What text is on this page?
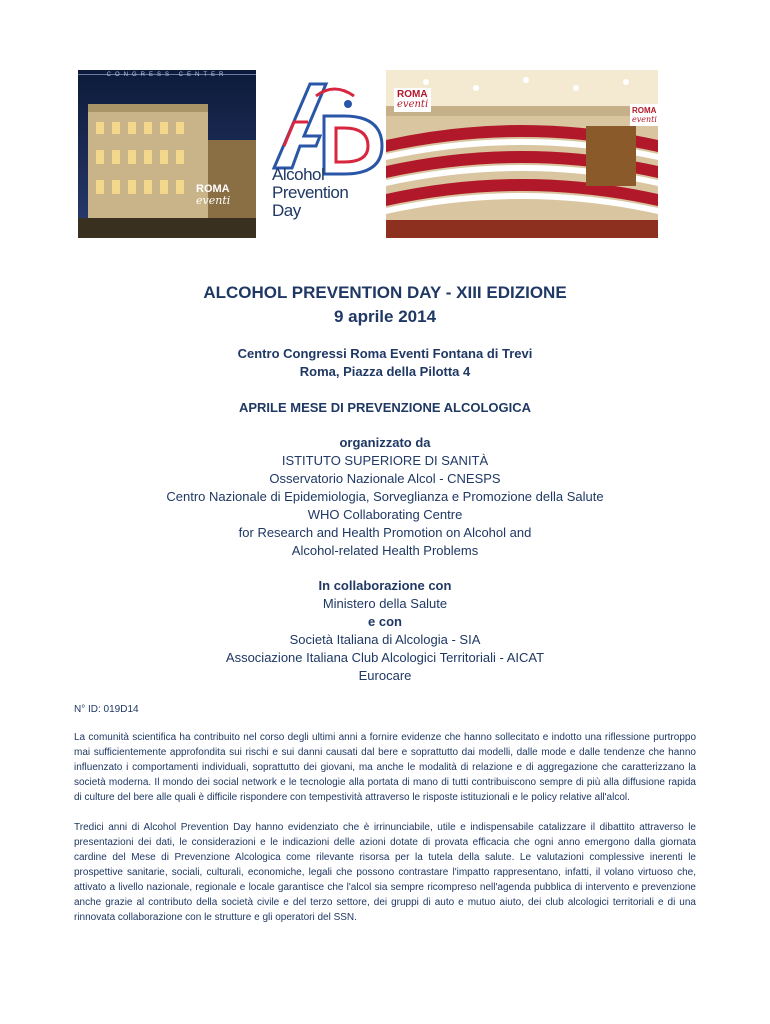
CONGRESS CENTER
ROMA
eventi
Alcohol
Prevention
Day
ROMA
eventi
ROMA
eventi
ALCOHOL PREVENTION DAY - XIII EDIZIONE
9 aprile 2014
Centro Congressi Roma Eventi Fontana di Trevi
Roma, Piazza della Pilotta 4
APRILE MESE DI PREVENZIONE ALCOLOGICA
organizzato da
ISTITUTO SUPERIORE DI SANITÀ
Osservatorio Nazionale Alcol - CNESPS
Centro Nazionale di Epidemiologia, Sorveglianza e Promozione della Salute
WHO Collaborating Centre
for Research and Health Promotion on Alcohol and
Alcohol-related Health Problems
In collaborazione con
Ministero della Salute
e con
Società Italiana di Alcologia - SIA
Associazione Italiana Club Alcologici Territoriali - AICAT
Eurocare
N° ID: 019D14
La comunità scientifica ha contribuito nel corso degli ultimi anni a fornire evidenze che hanno sollecitato e indotto una riflessione purtroppo mai sufficientemente approfondita sui rischi e sui danni causati dal bere e soprattutto dai modelli, dalle mode e dalle tendenze che hanno influenzato i comportamenti individuali, soprattutto dei giovani, ma anche le modalità di relazione e di aggregazione che caratterizzano la società moderna. Il mondo dei social network e le tecnologie alla portata di mano di tutti contribuiscono sempre di più alla diffusione rapida di culture del bere alle quali è difficile rispondere con tempestività attraverso le risposte istituzionali e le policy relative all'alcol.
Tredici anni di Alcohol Prevention Day hanno evidenziato che è irrinunciabile, utile e indispensabile catalizzare il dibattito attraverso le presentazioni dei dati, le considerazioni e le indicazioni delle azioni dotate di provata efficacia che ogni anno emergono dalla giornata cardine del Mese di Prevenzione Alcologica come rilevante risorsa per la tutela della salute. Le valutazioni complessive inerenti le prospettive sanitarie, sociali, culturali, economiche, legali che possono contrastare l'impatto rappresentano, infatti, il volano virtuoso che, attivato a livello nazionale, regionale e locale garantisce che l'alcol sia sempre ricompreso nell'agenda pubblica di intervento e prevenzione anche grazie al contributo della società civile e del terzo settore, dei gruppi di auto e mutuo aiuto, dei club alcologici territoriali e di una rinnovata collaborazione con le strutture e gli operatori del SSN.
